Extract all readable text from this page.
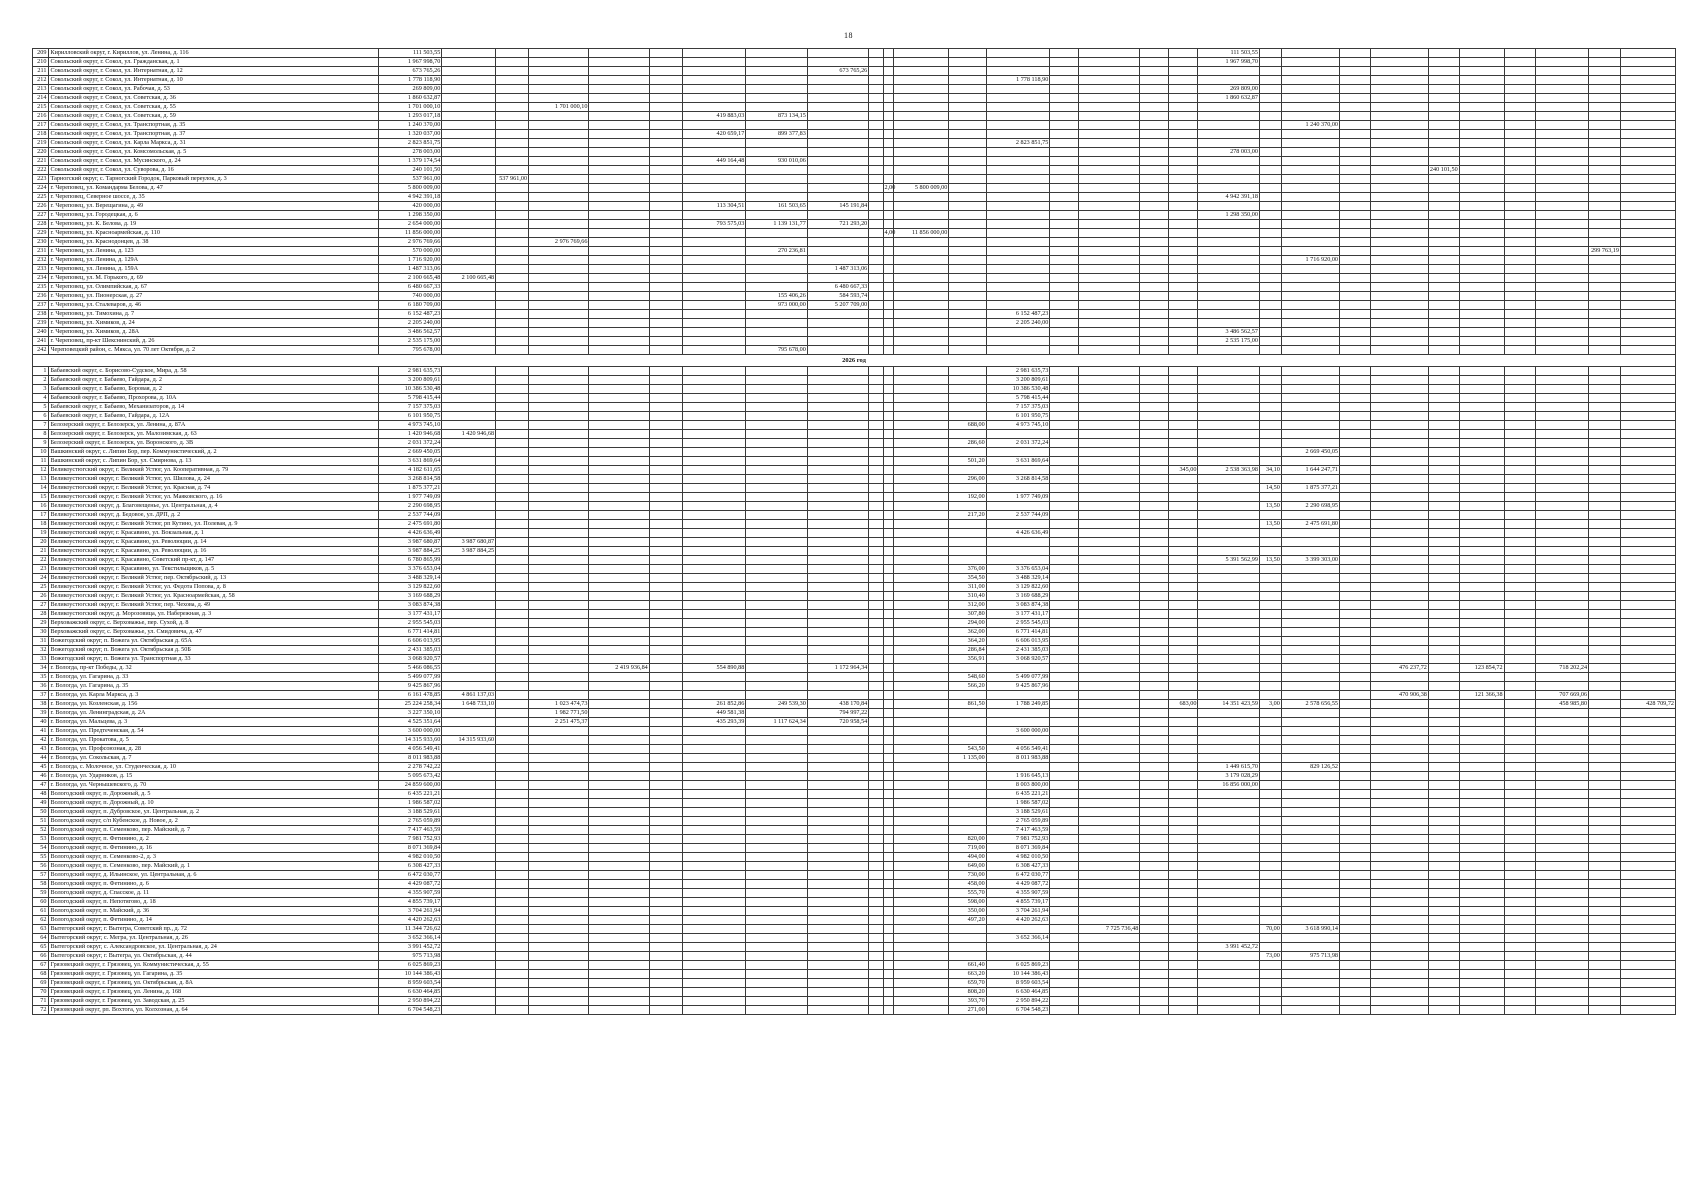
18
209	Кирилловский округ, г. Кириллов, ул. Ленина, д. 116	111 503,55																		111 503,55										
210	Сокольский округ, г. Сокол, ул. Гражданская, д. 1	1 967 998,70																		1 967 998,70										
211	Сокольский округ, г. Сокол, ул. Интернатная, д. 12	673 765,26								673 765,26																				
212	Сокольский округ, г. Сокол, ул. Интернатная, д. 10	1 778 118,90													1 778 118,90															
213	Сокольский округ, г. Сокол, ул. Рабочая, д. 53	269 809,00																		269 809,00										
214	Сокольский округ, г. Сокол, ул. Советская, д. 36	1 860 632,87																		1 860 632,87										
215	Сокольский округ, г. Сокол, ул. Советская, д. 55	1 701 000,10			1 701 000,10																									
216	Сокольский округ, г. Сокол, ул. Советская, д. 59	1 293 017,18						419 883,03	873 134,15																					
217	Сокольский округ, г. Сокол, ул. Транспортная, д. 35	1 240 370,00																				1 240 370,00								
218	Сокольский округ, г. Сокол, ул. Транспортная, д. 37	1 320 037,00						420 659,17	899 377,83																					
219	Сокольский округ, г. Сокол, ул. Карла Маркса, д. 31	2 823 851,75													2 823 851,75															
220	Сокольский округ, г. Сокол, ул. Комсомольская, д. 5	278 003,00																		278 003,00										
221	Сокольский округ, г. Сокол, ул. Мусинского, д. 24	1 379 174,54						449 164,48	930 010,06																					
222	Сокольский округ, г. Сокол, ул. Суворова, д. 16	240 101,50																							240 101,50					
223	Тарногский округ, с. Тарногский Городок, Парковый переулок, д. 3	537 961,00		537 961,00																										
224	г. Череповец, ул. Командарма Белова, д. 47	5 800 009,00										2,00	5 800 009,00																	
225	г. Череповец, Северное шоссе, д. 35	4 942 391,18																		4 942 391,18										
226	г. Череповец, ул. Верещагина, д. 49	420 000,00						113 304,51	161 503,65	145 191,84																				
227	г. Череповец, ул. Городецкая, д. 6	1 298 350,00																		1 298 350,00										
228	г. Череповец, ул. К. Белова, д. 19	2 654 000,00						793 575,03	1 139 131,77	721 293,20																				
229	г. Череповец, ул. Красноармейская, д. 110	11 856 000,00										4,00	11 856 000,00																	
230	г. Череповец, ул. Краснодонцев, д. 38	2 976 769,66			2 976 769,66																									
231	г. Череповец, ул. Ленина, д. 123	570 000,00							270 236,81																				299 763,19	
232	г. Череповец, ул. Ленина, д. 129А	1 716 920,00																				1 716 920,00								
233	г. Череповец, ул. Ленина, д. 159А	1 487 313,06								1 487 313,06																				
234	г. Череповец, ул. М. Горького, д. 69	2 100 665,48	2 100 665,48																											
235	г. Череповец, ул. Олимпийская, д. 67	6 480 667,33								6 480 667,33																				
236	г. Череповец, ул. Пионерская, д. 27	740 000,00							155 406,26	584 593,74																				
237	г. Череповец, ул. Сталеваров, д. 46	6 180 709,00							973 000,00	5 207 709,00																				
238	г. Череповец, ул. Тимохина, д. 7	6 152 487,23													6 152 487,23															
239	г. Череповец, ул. Химиков, д. 24	2 205 240,00													2 205 240,00															
240	г. Череповец, ул. Химиков, д. 28А	3 486 562,57																		3 486 562,57										
241	г. Череповец, пр-кт Шекснинский, д. 26	2 535 175,00																		2 535 175,00										
242	Череповецкий район, с. Мякса, ул. 70 лет Октября, д. 2	795 678,00							795 678,00																					
2026 год																														
1	Бабаевский округ, с. Борисово-Судское, Мира, д. 58	2 981 635,73													2 981 635,73															
2	Бабаевский округ, г. Бабаево, Гайдара, д. 2	3 200 809,61													3 200 809,61															
3	Бабаевский округ, г. Бабаево, Боровая, д. 2	10 386 530,48													10 386 530,48															
4	Бабаевский округ, г. Бабаево, Прохорова, д. 10А	5 798 415,44													5 798 415,44															
5	Бабаевский округ, г. Бабаево, Механизаторов, д. 14	7 157 375,03													7 157 375,03															
6	Бабаевский округ, г. Бабаево, Гайдара, д. 12А	6 101 950,75													6 101 950,75															
7	Белозерский округ, г. Белозерск, ул. Ленина, д. 87А	4 973 745,10												688,00	4 973 745,10															
8	Белозерский округ, г. Белозерск, ул. Малозимская, д. 63	1 420 946,68	1 420 946,68																											
9	Белозерский округ, г. Белозерск, ул. Воронского, д. 3В	2 031 372,24												286,60	2 031 372,24															
10	Вашкинский округ, с. Липин Бор, пер. Коммунистический, д. 2	2 669 450,05																				2 669 450,05								
11	Вашкинский округ, с. Липин Бор, ул. Смирнова, д. 13	3 631 869,64												501,20	3 631 869,64															
12	Великоустюгский округ, г. Великий Устюг, ул. Кооперативная, д. 79	4 182 611,65																	345,00	2 538 363,98	34,10	1 644 247,71								
13	Великоустюгский округ, г. Великий Устюг, ул. Шилова, д. 24	3 268 814,58												296,00	3 268 814,58															
14	Великоустюгский округ, г. Великий Устюг, ул. Красная, д. 74	1 875 377,21																			14,50	1 875 377,21								
15	Великоустюгский округ, г. Великий Устюг, ул. Маяковского, д. 16	1 977 749,09												192,00	1 977 749,09															
16	Великоустюгский округ, д. Благовещенье, ул. Центральная, д. 4	2 290 698,95																			13,50	2 290 698,95								
17	Великоустюгский округ, д. Бедовое, ул. ДРП, д. 2	2 537 744,09												217,20	2 537 744,09															
18	Великоустюгский округ, г. Великий Устюг, рп Кутино, ул. Полевая, д. 9	2 475 691,80																			13,50	2 475 691,80								
19	Великоустюгский округ, г. Красавино, ул. Вокзальная, д. 1	4 426 636,49													4 426 636,49															
20	Великоустюгский округ, г. Красавино, ул. Революции, д. 14	3 987 680,87	3 987 680,87																											
21	Великоустюгский округ, г. Красавино, ул. Революции, д. 16	3 987 884,25	3 987 884,25																											
22	Великоустюгский округ, г. Красавино, Советский пр-кт, д. 147	6 780 865,99																		5 391 562,99	13,50	3 399 303,00								
23	Великоустюгский округ, г. Красавино, ул. Текстильщиков, д. 5	3 376 653,04												376,00	3 376 653,04															
24	Великоустюгский округ, г. Великий Устюг, пер. Октябрьский, д. 13	3 488 329,14												354,50	3 488 329,14															
25	Великоустюгский округ, г. Великий Устюг, ул. Федота Попова, д. 8	3 129 822,60												311,00	3 129 822,60															
26	Великоустюгский округ, г. Великий Устюг, ул. Красноармейская, д. 58	3 169 688,29												310,40	3 169 688,29															
27	Великоустюгский округ, г. Великий Устюг, пер. Чехова, д. 49	3 083 874,38												312,00	3 083 874,38															
28	Великоустюгский округ, д. Морозовица, ул. Набережная, д. 3	3 177 431,17												307,80	3 177 431,17															
29	Верховажский округ, с. Верховажье, пер. Сухой, д. 8	2 955 545,03												294,00	2 955 545,03															
30	Верховажский округ, с. Верховажье, ул. Смидовича, д. 47	6 771 414,81												362,00	6 771 414,81															
31	Вожегодский округ, п. Вожега ул. Октябрьская д. 65А	6 606 013,95												364,20	6 606 013,95															
32	Вожегодский округ, п. Вожега ул. Октябрьская д. 50Б	2 431 385,03												286,84	2 431 385,03															
33	Вожегодский округ, п. Вожега ул. Транспортная д. 33	3 068 920,57												356,91	3 068 920,57															
34	г. Вологда, пр-кт Победы, д. 32	5 466 086,55				2 419 936,84		554 890,88		1 172 964,34														476 237,72		123 854,72		718 202,24		
35	г. Вологда, ул. Гагарина, д. 33	5 499 077,99												548,60	5 499 077,99															
36	г. Вологда, ул. Гагарина, д. 35	9 425 867,96												566,20	9 425 867,96															
37	г. Вологда, ул. Карла Маркса, д. 3	6 161 478,85	4 861 137,03																					470 906,38		121 366,38		707 669,06		
38	г. Вологда, ул. Козленская, д. 156	25 224 258,34	1 648 733,10		1 023 474,73			261 852,86	249 539,30	438 170,84				861,50	1 788 249,85				683,00	14 351 423,59	3,00	2 578 656,55						458 985,80		428 709,72
39	г. Вологда, ул. Ленинградская, д. 2А	3 227 350,10			1 982 771,50			449 581,38		794 997,22																				
40	г. Вологда, ул. Мальцева, д. 3	4 525 351,64			2 251 475,37			435 293,39	1 117 624,34	720 958,54																				
41	г. Вологда, ул. Предтеченская, д. 54	3 600 000,00													3 600 000,00															
42	г. Вологда, ул. Прокатова, д. 5	14 315 933,60	14 315 933,60																											
43	г. Вологда, ул. Профсоюзная, д. 28	4 056 549,41												543,50	4 056 549,41															
44	г. Вологда, ул. Сокольская, д. 7	8 011 983,88												1 135,00	8 011 983,88															
45	г. Вологда, с. Молочное, ул. Студенческая, д. 10	2 278 742,22																		1 449 615,70		829 126,52								
46	г. Вологда, ул. Ударников, д. 15	5 095 673,42													1 916 645,13					3 179 028,29										
47	г. Вологда, ул. Чернышевского, д. 70	24 859 600,00													8 003 800,00					16 856 000,00										
48	Вологодский округ, п. Дорожный, д. 5	6 435 221,21													6 435 221,21															
49	Вологодский округ, п. Дорожный, д. 10	1 986 587,02													1 986 587,02															
50	Вологодский округ, п. Дубровское, ул. Центральная, д. 2	3 188 529,61													3 188 529,61															
51	Вологодский округ, с/п Кубенское, д. Новое, д. 2	2 765 059,89													2 765 059,89															
52	Вологодский округ, п. Семенково, пер. Майский, д. 7	7 417 463,59													7 417 463,59															
53	Вологодский округ, п. Фетинино, д. 2	7 981 752,93												820,00	7 981 752,93															
54	Вологодский округ, п. Фетинино, д. 16	8 071 369,84												719,00	8 071 369,84															
55	Вологодский округ, п. Семенково-2, д. 3	4 982 010,50												494,00	4 982 010,50															
56	Вологодский округ, п. Семенково, пер. Майский, д. 1	6 308 427,33												649,00	6 308 427,33															
57	Вологодский округ, д. Ильинское, ул. Центральная, д. 6	6 472 030,77												730,00	6 472 030,77															
58	Вологодский округ, п. Фетинино, д. 6	4 429 087,72												458,00	4 429 087,72															
59	Вологодский округ, д. Спасское, д. 11	4 355 907,59												555,70	4 355 907,59															
60	Вологодский округ, п. Непотягово, д. 18	4 855 739,17												598,00	4 855 739,17															
61	Вологодский округ, п. Майский, д. 36	3 704 261,94												350,00	3 704 261,94															
62	Вологодский округ, п. Фетинино, д. 14	4 420 262,63												497,20	4 420 262,63															
63	Вытегорский округ, г. Вытегра, Советский пр., д. 72	11 344 726,62															7 725 736,48				70,00	3 618 990,14								
64	Вытегорский округ, с. Мегра, ул. Центральная, д. 26	3 652 366,14													3 652 366,14															
65	Вытегорский округ, с. Александровское, ул. Центральная, д. 24	3 991 452,72																		3 991 452,72										
66	Вытегорский округ, г. Вытегра, ул. Октябрьская, д. 44	975 713,98																			73,00	975 713,98								
67	Грязовецкий округ, г. Грязовец, ул. Коммунистическая, д. 55	6 025 869,23												661,40	6 025 869,23															
68	Грязовецкий округ, г. Грязовец, ул. Гагарина, д. 35	10 144 386,43												663,20	10 144 386,43															
69	Грязовецкий округ, г. Грязовец, ул. Октябрьская, д. 8А	8 959 603,54												659,70	8 959 603,54															
70	Грязовецкий округ, г. Грязовец, ул. Ленина, д. 168	6 630 464,85												808,20	6 630 464,85															
71	Грязовецкий округ, г. Грязовец, ул. Заводская, д. 25	2 950 894,22												393,70	2 950 894,22															
72	Грязовецкий округ, рп. Вохтога, ул. Колхозная, д. 64	6 704 548,23												271,00	6 704 548,23															
